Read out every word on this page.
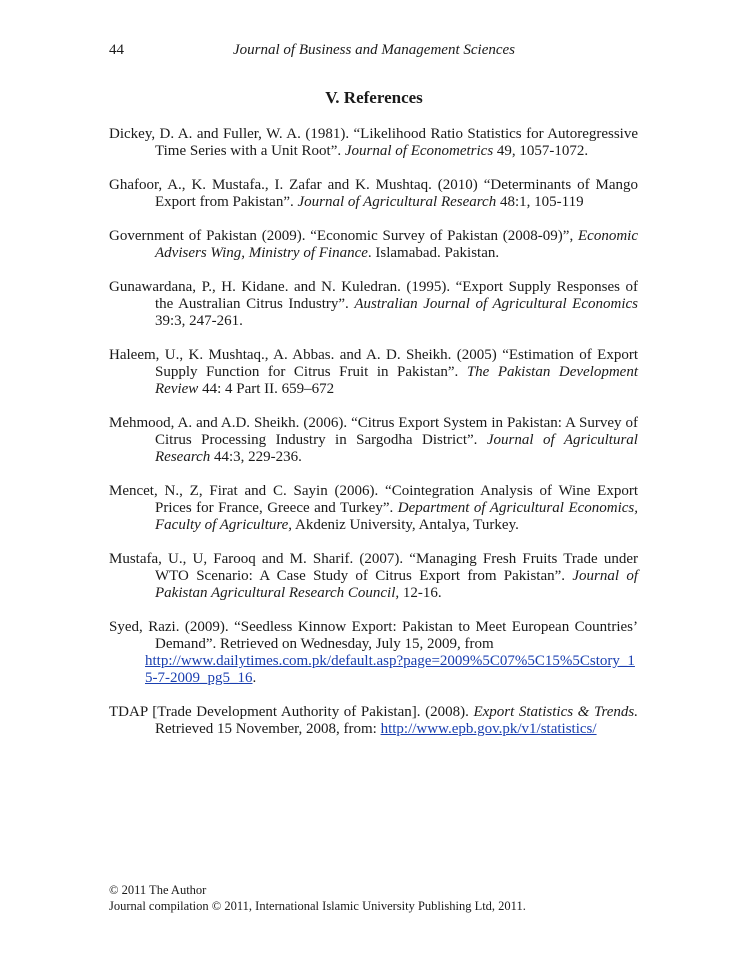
44	Journal of Business and Management Sciences
V. References

Dickey, D. A. and Fuller, W. A. (1981). “Likelihood Ratio Statistics for Autoregressive Time Series with a Unit Root”. Journal of Econometrics 49, 1057-1072.

Ghafoor, A., K. Mustafa., I. Zafar and K. Mushtaq. (2010) “Determinants of Mango Export from Pakistan”. Journal of Agricultural Research 48:1, 105-119

Government of Pakistan (2009). “Economic Survey of Pakistan (2008-09)”, Economic Advisers Wing, Ministry of Finance. Islamabad. Pakistan.

Gunawardana, P., H. Kidane. and N. Kuledran. (1995). “Export Supply Responses of the Australian Citrus Industry”. Australian Journal of Agricultural Economics 39:3, 247-261.

Haleem, U., K. Mushtaq., A. Abbas. and A. D. Sheikh. (2005) “Estimation of Export Supply Function for Citrus Fruit in Pakistan”. The Pakistan Development Review 44: 4 Part II. 659–672

Mehmood, A. and A.D. Sheikh. (2006). “Citrus Export System in Pakistan: A Survey of Citrus Processing Industry in Sargodha District”. Journal of Agricultural Research 44:3, 229-236.

Mencet, N., Z, Firat and C. Sayin (2006). “Cointegration Analysis of Wine Export Prices for France, Greece and Turkey”. Department of Agricultural Economics, Faculty of Agriculture, Akdeniz University, Antalya, Turkey.

Mustafa, U., U, Farooq and M. Sharif. (2007). “Managing Fresh Fruits Trade under WTO Scenario: A Case Study of Citrus Export from Pakistan”. Journal of Pakistan Agricultural Research Council, 12-16.

Syed, Razi. (2009). “Seedless Kinnow Export: Pakistan to Meet European Countries’ Demand”. Retrieved on Wednesday, July 15, 2009, from
http://www.dailytimes.com.pk/default.asp?page=2009%5C07%5C15%5Cstory_15-7-2009_pg5_16.

TDAP [Trade Development Authority of Pakistan]. (2008). Export Statistics & Trends. Retrieved 15 November, 2008, from: http://www.epb.gov.pk/v1/statistics/

© 2011 The Author
Journal compilation © 2011, International Islamic University Publishing Ltd, 2011.
